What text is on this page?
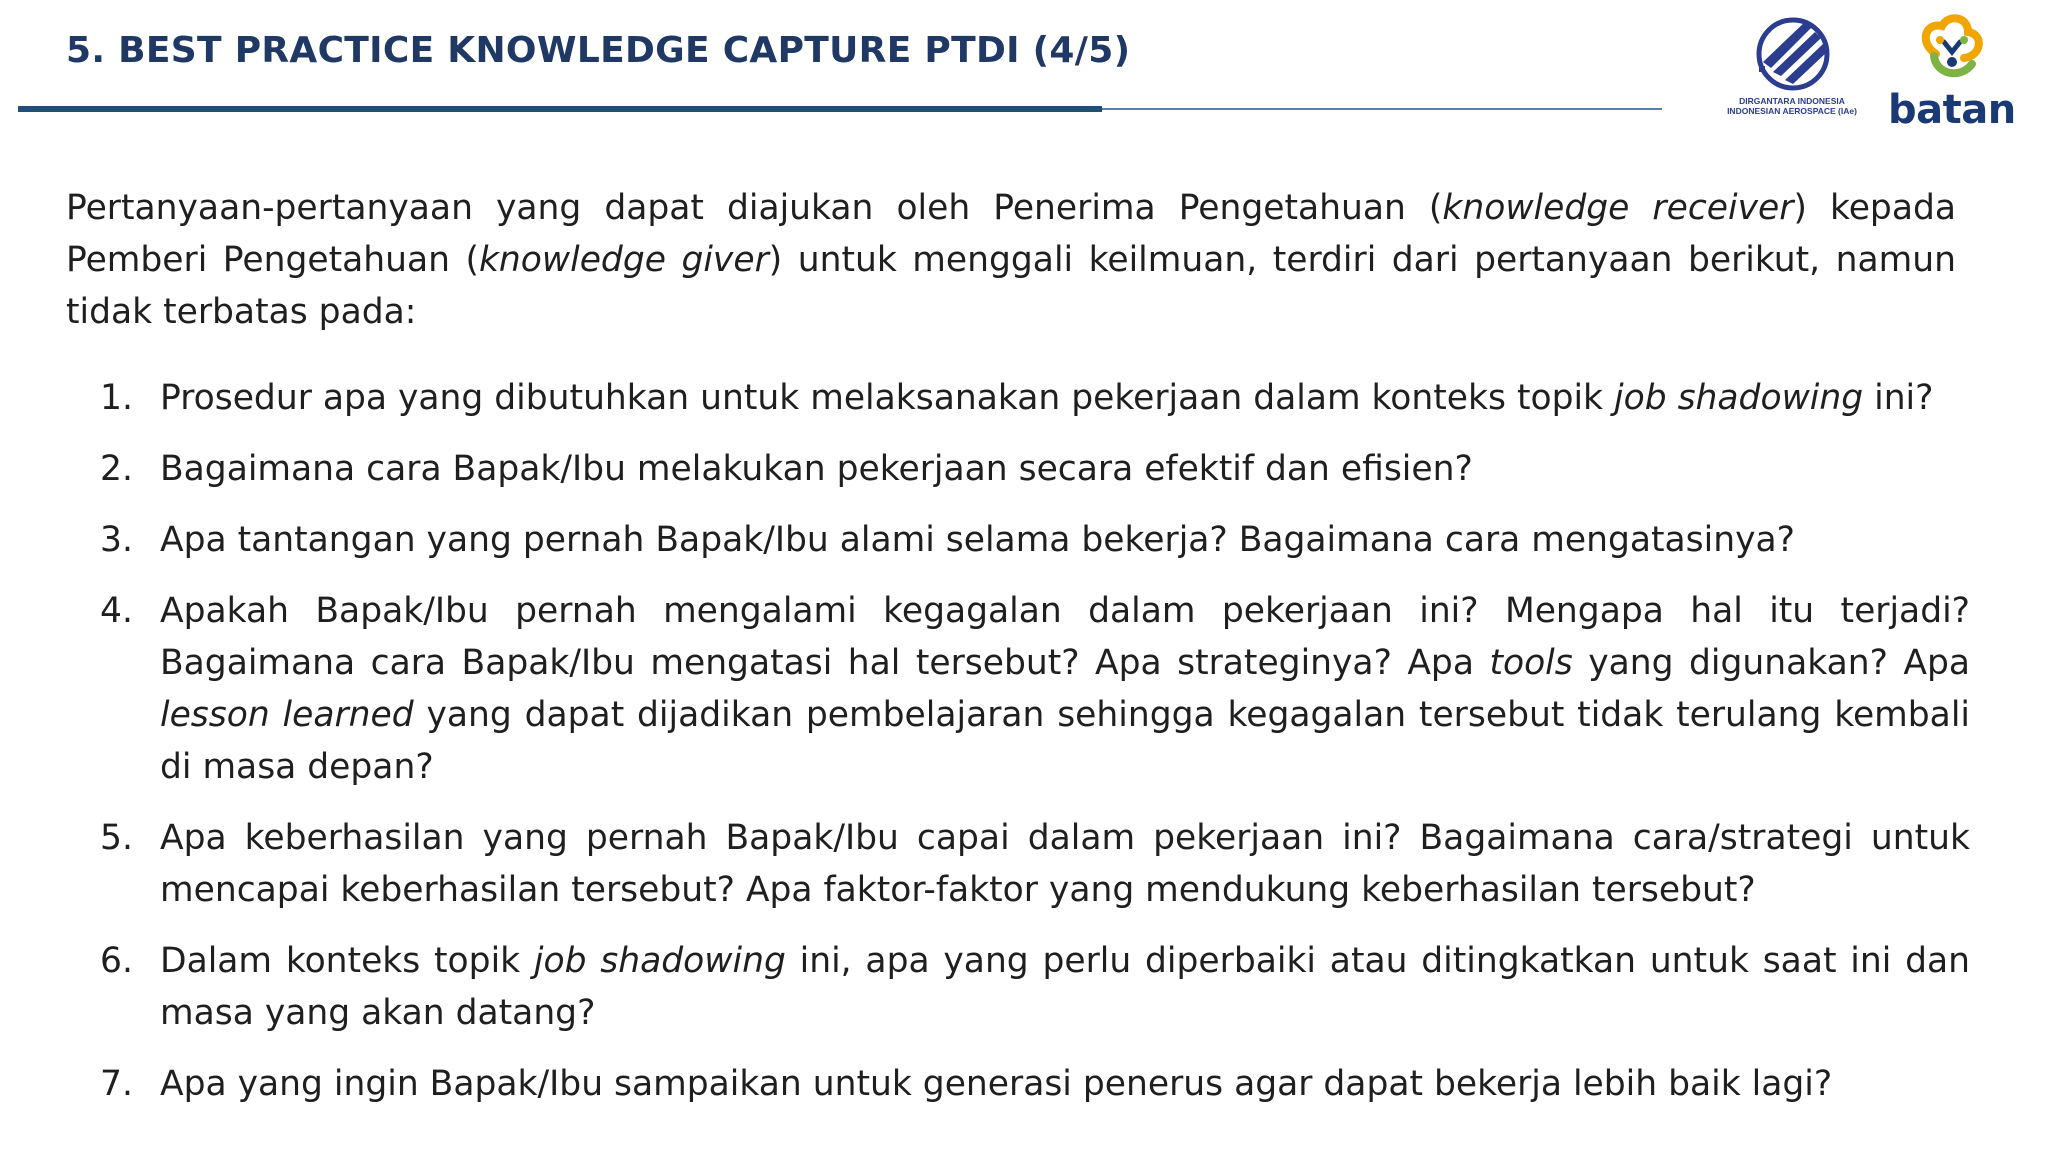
5. BEST PRACTICE KNOWLEDGE CAPTURE PTDI (4/5)
DIRGANTARA INDONESIA
INDONESIAN AEROSPACE (IAe) batan

Pertanyaan-pertanyaan yang dapat diajukan oleh Penerima Pengetahuan (knowledge receiver) kepada Pemberi Pengetahuan (knowledge giver) untuk menggali keilmuan, terdiri dari pertanyaan berikut, namun tidak terbatas pada:

1. Prosedur apa yang dibutuhkan untuk melaksanakan pekerjaan dalam konteks topik job shadowing ini?
2. Bagaimana cara Bapak/Ibu melakukan pekerjaan secara efektif dan efisien?
3. Apa tantangan yang pernah Bapak/Ibu alami selama bekerja? Bagaimana cara mengatasinya?
4. Apakah Bapak/Ibu pernah mengalami kegagalan dalam pekerjaan ini? Mengapa hal itu terjadi? Bagaimana cara Bapak/Ibu mengatasi hal tersebut? Apa strateginya? Apa tools yang digunakan? Apa lesson learned yang dapat dijadikan pembelajaran sehingga kegagalan tersebut tidak terulang kembali di masa depan?
5. Apa keberhasilan yang pernah Bapak/Ibu capai dalam pekerjaan ini? Bagaimana cara/strategi untuk mencapai keberhasilan tersebut? Apa faktor-faktor yang mendukung keberhasilan tersebut?
6. Dalam konteks topik job shadowing ini, apa yang perlu diperbaiki atau ditingkatkan untuk saat ini dan masa yang akan datang?
7. Apa yang ingin Bapak/Ibu sampaikan untuk generasi penerus agar dapat bekerja lebih baik lagi?
